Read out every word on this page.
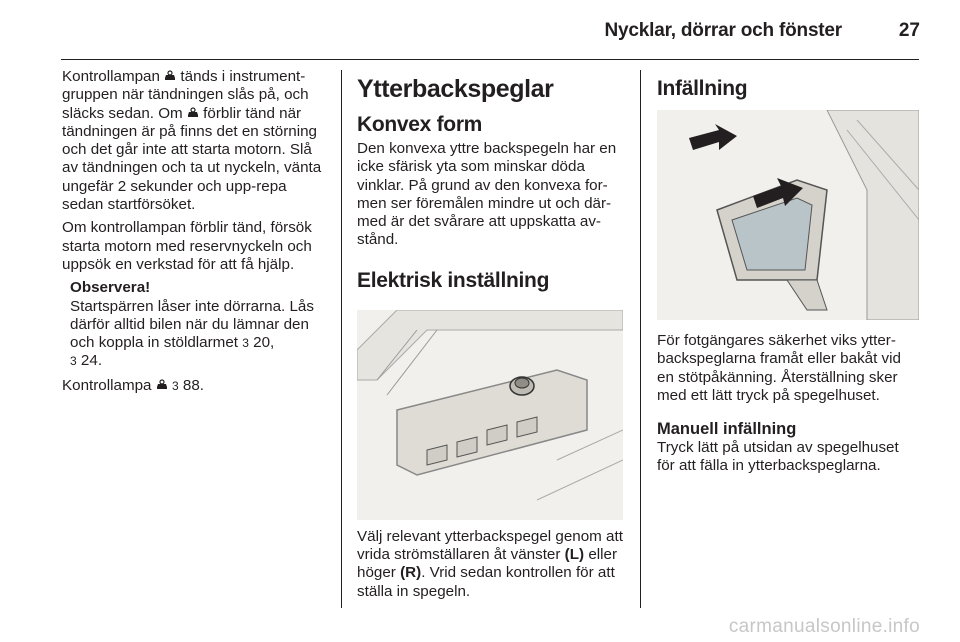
Nycklar, dörrar och fönster	27

Kontrollampan tänds i instrument-gruppen när tändningen slås på, och släcks sedan. Om förblir tänd när tändningen är på finns det en störning och det går inte att starta motorn. Slå av tändningen och ta ut nyckeln, vänta ungefär 2 sekunder och upp-repa sedan startförsöket.

Om kontrollampan förblir tänd, försök starta motorn med reservnyckeln och uppsök en verkstad för att få hjälp.

Observera!
Startspärren låser inte dörrarna. Lås därför alltid bilen när du lämnar den och koppla in stöldlarmet 3 20,
3 24.

Kontrollampa 3 88.

Ytterbackspeglar
Konvex form

Den konvexa yttre backspegeln har en icke sfärisk yta som minskar döda vinklar. På grund av den konvexa for-men ser föremålen mindre ut och där-med är det svårare att uppskatta av-stånd.

Elektrisk inställning

Välj relevant ytterbackspegel genom att vrida strömställaren åt vänster (L) eller höger (R). Vrid sedan kontrollen för att ställa in spegeln.

Infällning

För fotgängares säkerhet viks ytter-backspeglarna framåt eller bakåt vid en stötpåkänning. Återställning sker med ett lätt tryck på spegelhuset.

Manuell infällning

Tryck lätt på utsidan av spegelhuset för att fälla in ytterbackspeglarna.

carmanualsonline.info
